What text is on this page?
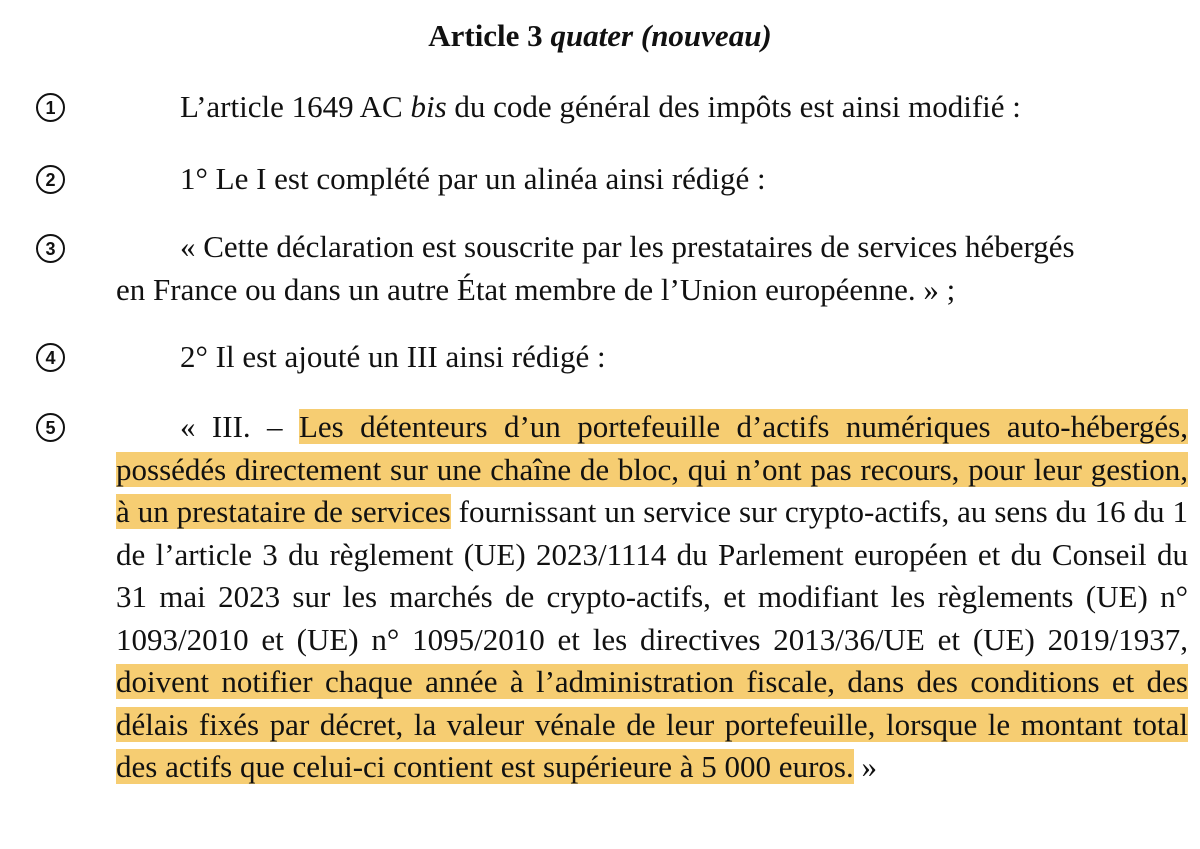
Article 3 quater (nouveau)
1
2
3
4
5
L’article 1649 AC bis du code général des impôts est ainsi modifié :
1° Le I est complété par un alinéa ainsi rédigé :
« Cette déclaration est souscrite par les prestataires de services hébergés
en France ou dans un autre État membre de l’Union européenne. » ;
2° Il est ajouté un III ainsi rédigé :
« III. – Les détenteurs d’un portefeuille d’actifs numériques auto-hébergés, possédés directement sur une chaîne de bloc, qui n’ont pas recours, pour leur gestion, à un prestataire de services fournissant un service sur crypto-actifs, au sens du 16 du 1 de l’article 3 du règlement (UE) 2023/1114 du Parlement européen et du Conseil du 31 mai 2023 sur les marchés de crypto-actifs, et modifiant les règlements (UE) n° 1093/2010 et (UE) n° 1095/2010 et les directives 2013/36/UE et (UE) 2019/1937, doivent notifier chaque année à l’administration fiscale, dans des conditions et des délais fixés par décret, la valeur vénale de leur portefeuille, lorsque le montant total des actifs que celui-ci contient est supérieure à 5 000 euros. »
